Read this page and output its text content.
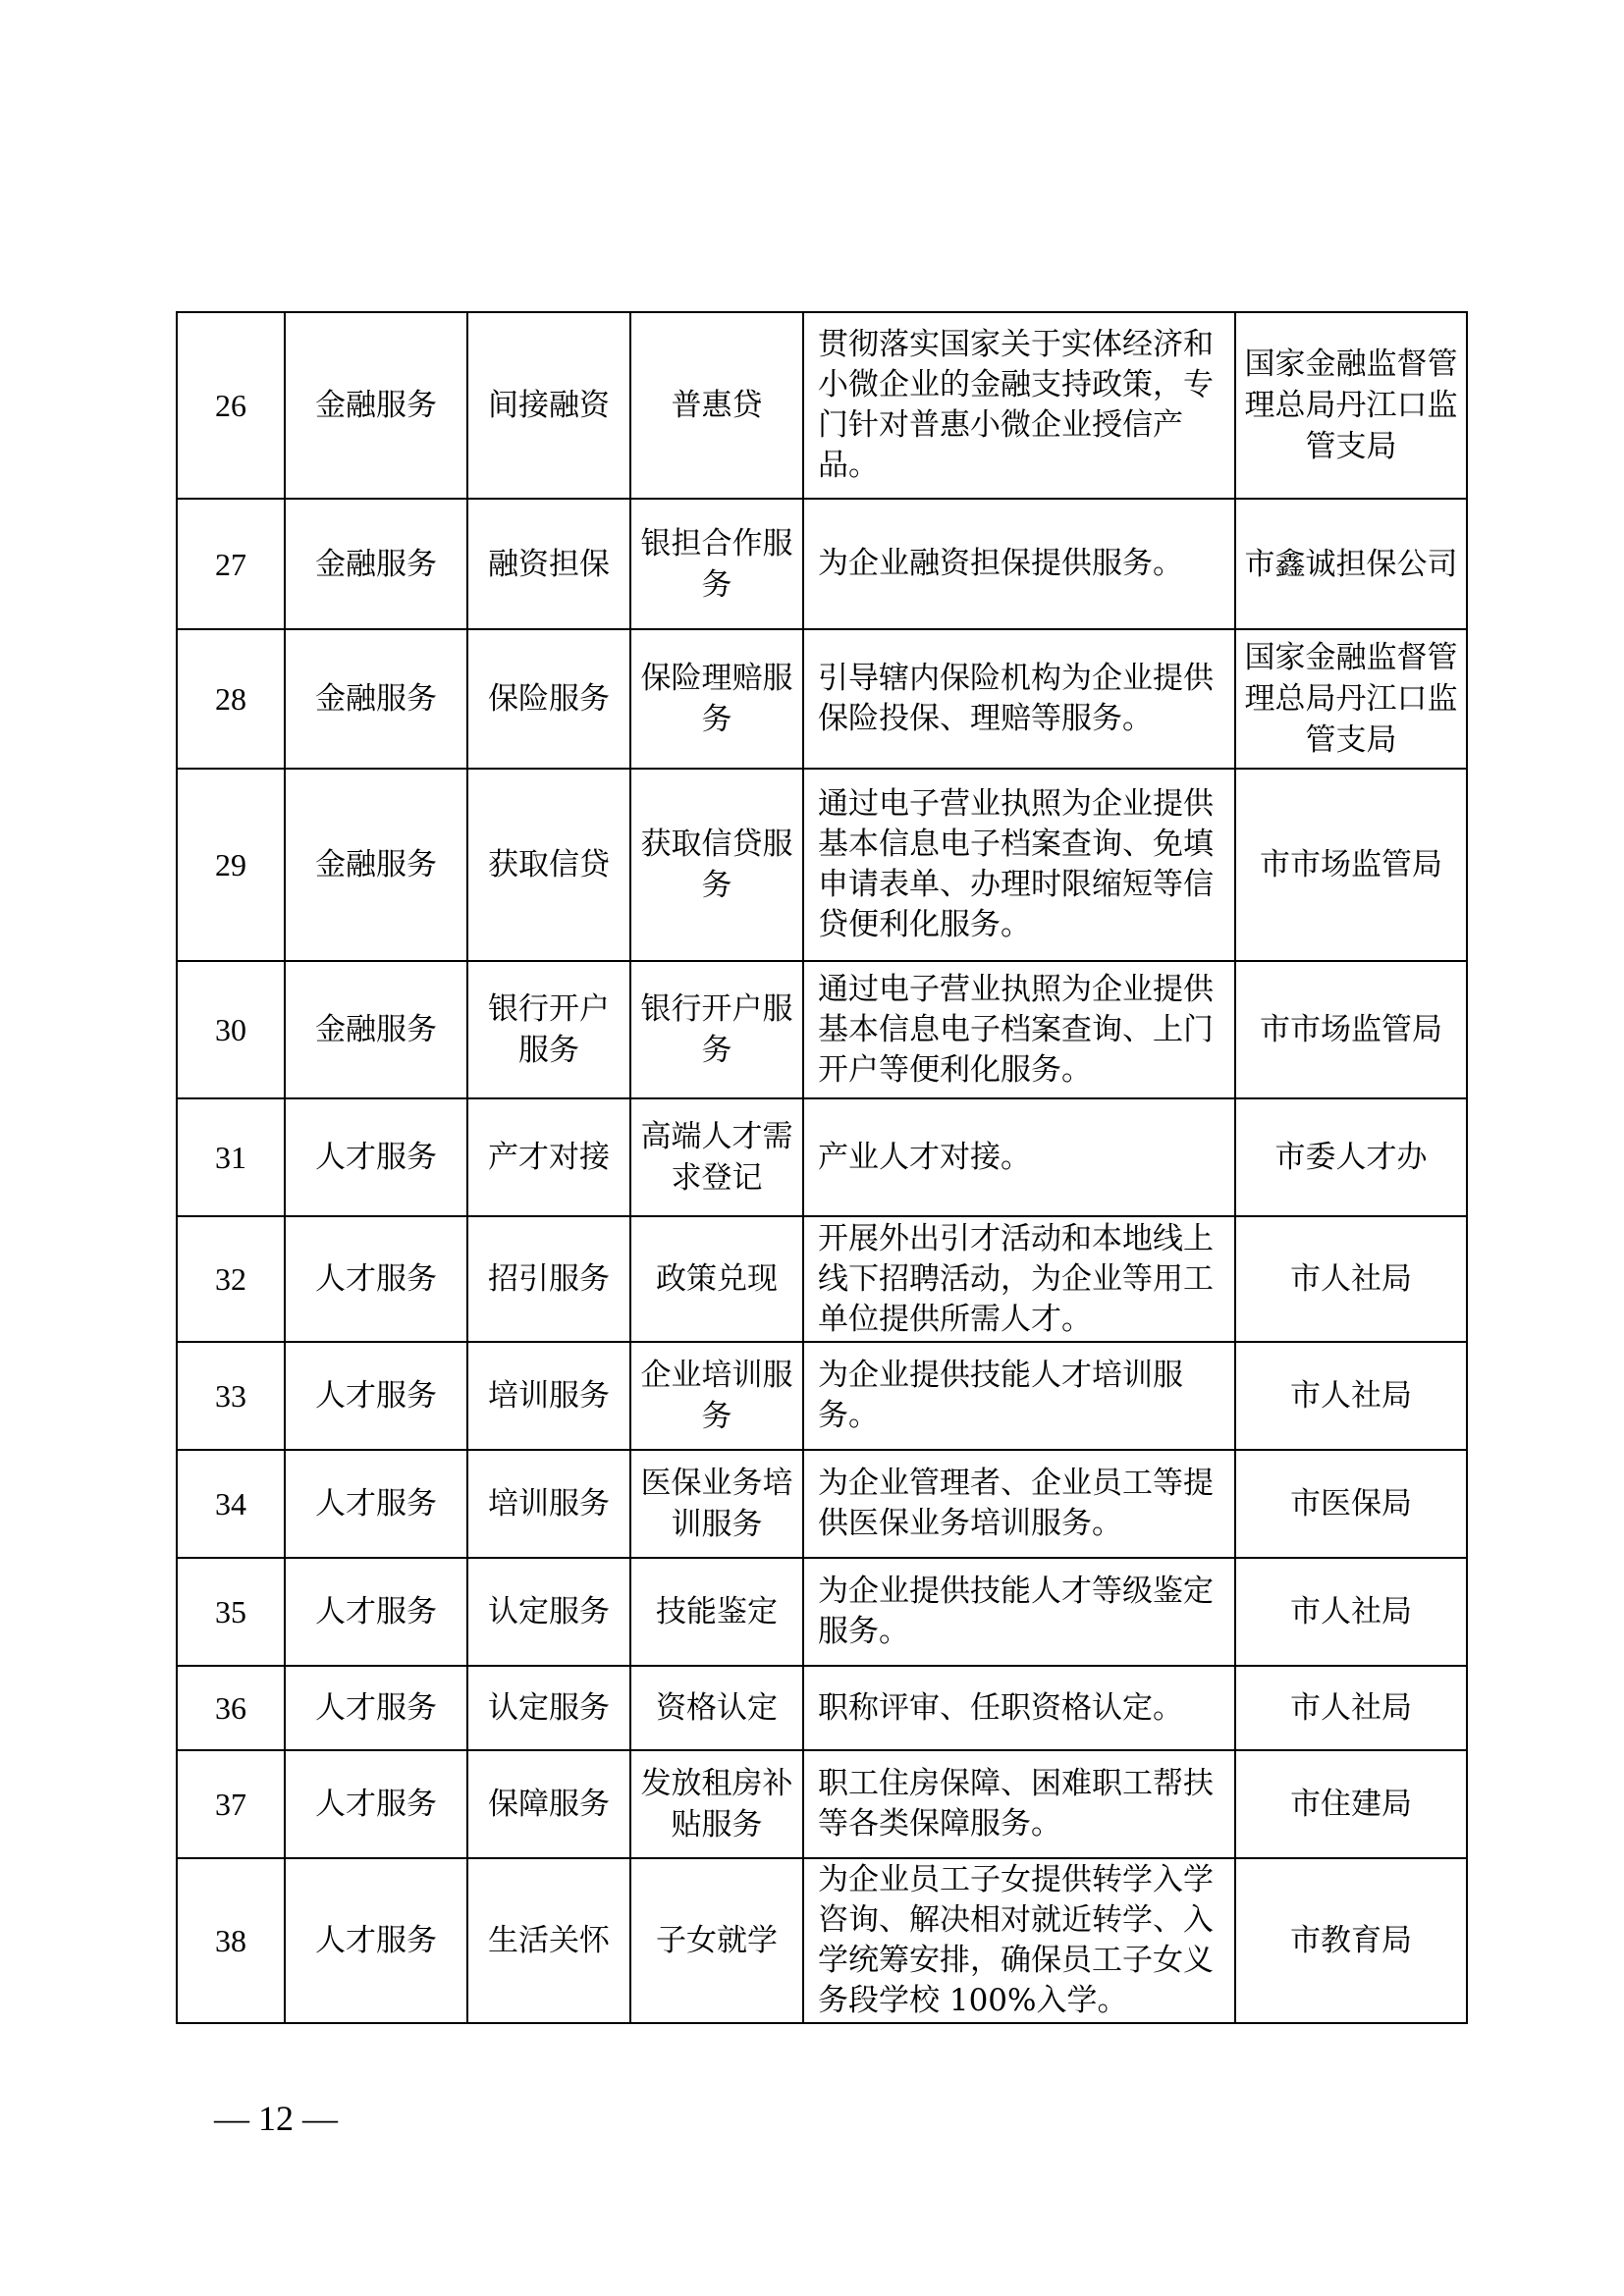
26	金融服务	间接融资	普惠贷	贯彻落实国家关于实体经济和小微企业的金融支持政策，专门针对普惠小微企业授信产品。	国家金融监督管理总局丹江口监管支局
27	金融服务	融资担保	银担合作服务	为企业融资担保提供服务。	市鑫诚担保公司
28	金融服务	保险服务	保险理赔服务	引导辖内保险机构为企业提供保险投保、理赔等服务。	国家金融监督管理总局丹江口监管支局
29	金融服务	获取信贷	获取信贷服务	通过电子营业执照为企业提供基本信息电子档案查询、免填申请表单、办理时限缩短等信贷便利化服务。	市市场监管局
30	金融服务	银行开户服务	银行开户服务	通过电子营业执照为企业提供基本信息电子档案查询、上门开户等便利化服务。	市市场监管局
31	人才服务	产才对接	高端人才需求登记	产业人才对接。	市委人才办
32	人才服务	招引服务	政策兑现	开展外出引才活动和本地线上线下招聘活动，为企业等用工单位提供所需人才。	市人社局
33	人才服务	培训服务	企业培训服务	为企业提供技能人才培训服务。	市人社局
34	人才服务	培训服务	医保业务培训服务	为企业管理者、企业员工等提供医保业务培训服务。	市医保局
35	人才服务	认定服务	技能鉴定	为企业提供技能人才等级鉴定服务。	市人社局
36	人才服务	认定服务	资格认定	职称评审、任职资格认定。	市人社局
37	人才服务	保障服务	发放租房补贴服务	职工住房保障、困难职工帮扶等各类保障服务。	市住建局
38	人才服务	生活关怀	子女就学	为企业员工子女提供转学入学咨询、解决相对就近转学、入学统筹安排，确保员工子女义务段学校 100%入学。	市教育局
— 12 —
